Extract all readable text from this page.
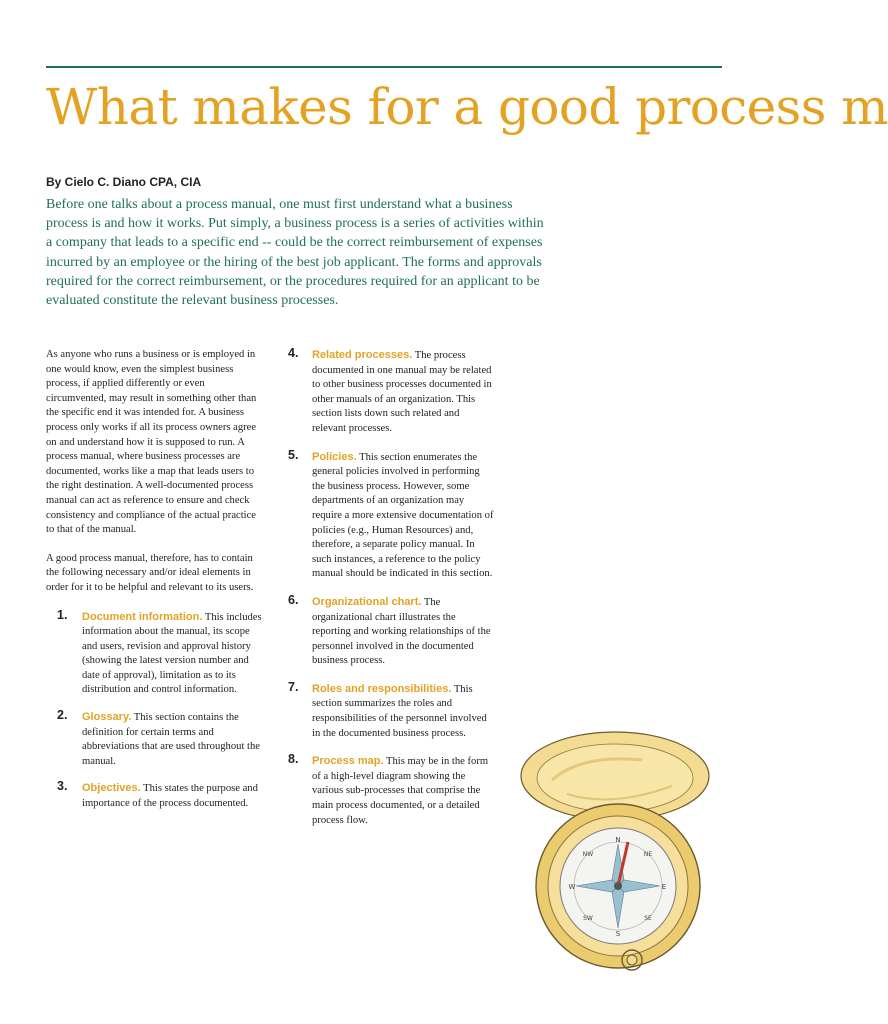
What makes for a good process m
By Cielo C. Diano CPA, CIA

Before one talks about a process manual, one must first understand what a business process is and how it works. Put simply, a business process is a series of activities within a company that leads to a specific end -- could be the correct reimbursement of expenses incurred by an employee or the hiring of the best job applicant. The forms and approvals required for the correct reimbursement, or the procedures required for an applicant to be evaluated constitute the relevant business processes.

As anyone who runs a business or is employed in one would know, even the simplest business process, if applied differently or even circumvented, may result in something other than the specific end it was intended for. A business process only works if all its process owners agree on and understand how it is supposed to run. A process manual, where business processes are documented, works like a map that leads users to the right destination. A well-documented process manual can act as reference to ensure and check consistency and compliance of the actual practice to that of the manual.

A good process manual, therefore, has to contain the following necessary and/or ideal elements in order for it to be helpful and relevant to its users.

1. Document information. This includes information about the manual, its scope and users, revision and approval history (showing the latest version number and date of approval), limitation as to its distribution and control information.
2. Glossary. This section contains the definition for certain terms and abbreviations that are used throughout the manual.
3. Objectives. This states the purpose and importance of the process documented.
4. Related processes. The process documented in one manual may be related to other business processes documented in other manuals of an organization. This section lists down such related and relevant processes.
5. Policies. This section enumerates the general policies involved in performing the business process. However, some departments of an organization may require a more extensive documentation of policies (e.g., Human Resources) and, therefore, a separate policy manual. In such instances, a reference to the policy manual should be indicated in this section.
6. Organizational chart. The organizational chart illustrates the reporting and working relationships of the personnel involved in the documented business process.
7. Roles and responsibilities. This section summarizes the roles and responsibilities of the personnel involved in the documented business process.
8. Process map. This may be in the form of a high-level diagram showing the various sub-processes that comprise the main process documented, or a detailed process flow.
N
NE
E
SE
S
SW
W
NW
